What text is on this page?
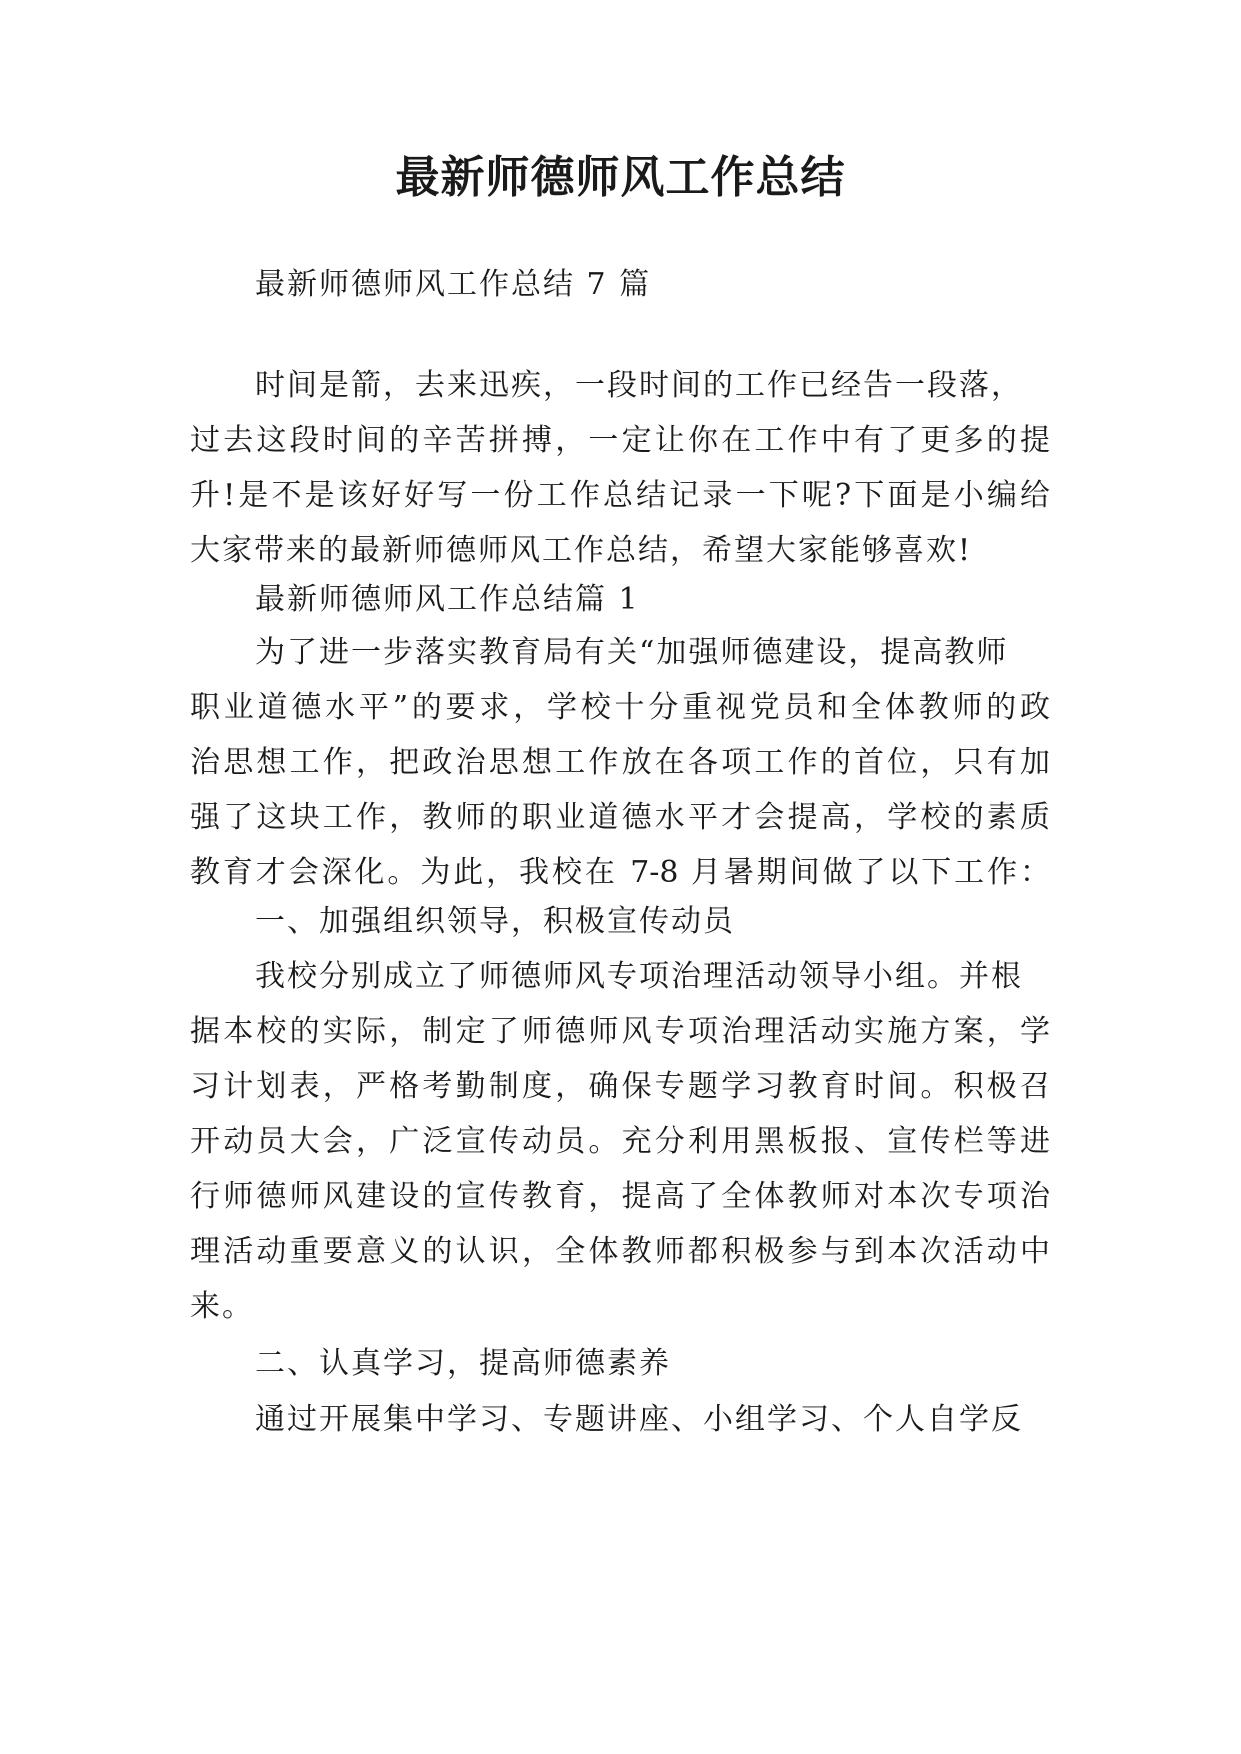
最新师德师风工作总结
最新师德师风工作总结 7 篇
时间是箭，去来迅疾，一段时间的工作已经告一段落，
过去这段时间的辛苦拼搏，一定让你在工作中有了更多的提
升!是不是该好好写一份工作总结记录一下呢?下面是小编给
大家带来的最新师德师风工作总结，希望大家能够喜欢!
最新师德师风工作总结篇 1
为了进一步落实教育局有关“加强师德建设，提高教师
职业道德水平”的要求，学校十分重视党员和全体教师的政
治思想工作，把政治思想工作放在各项工作的首位，只有加
强了这块工作，教师的职业道德水平才会提高，学校的素质
教育才会深化。为此，我校在 7-8 月暑期间做了以下工作：
一、加强组织领导，积极宣传动员
我校分别成立了师德师风专项治理活动领导小组。并根
据本校的实际，制定了师德师风专项治理活动实施方案，学
习计划表，严格考勤制度，确保专题学习教育时间。积极召
开动员大会，广泛宣传动员。充分利用黑板报、宣传栏等进
行师德师风建设的宣传教育，提高了全体教师对本次专项治
理活动重要意义的认识，全体教师都积极参与到本次活动中
来。
二、认真学习，提高师德素养
通过开展集中学习、专题讲座、小组学习、个人自学反
